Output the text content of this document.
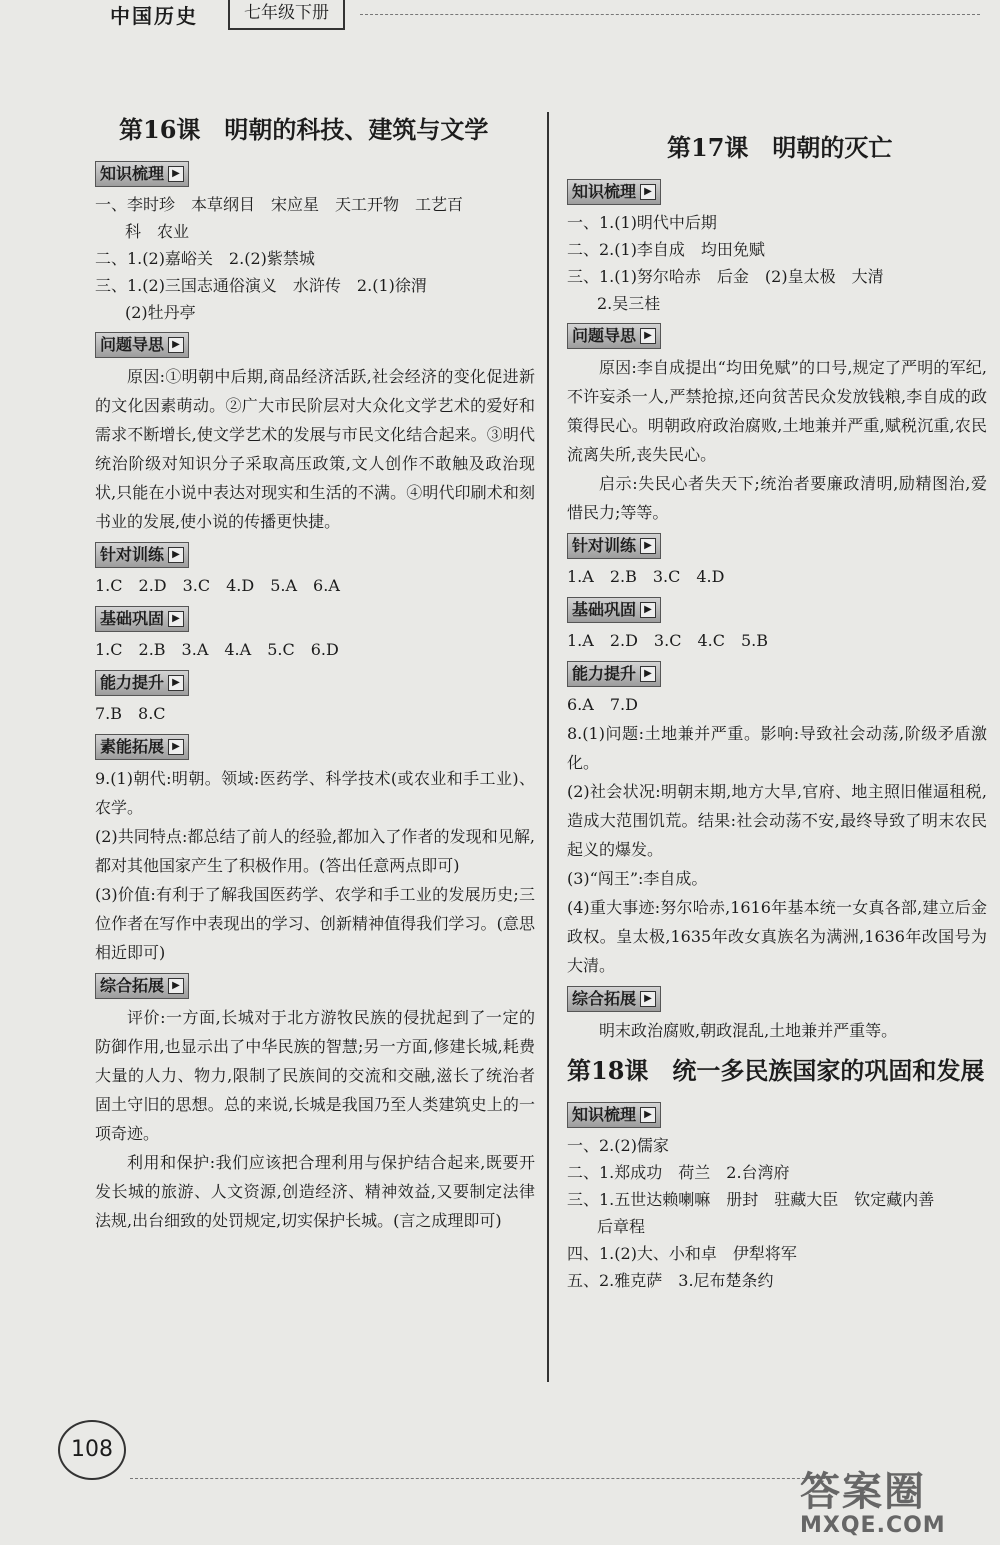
中国历史	七年级下册
第16课　明朝的科技、建筑与文学
知识梳理 ▶

一、李时珍　本草纲目　宋应星　天工开物　工艺百

科　农业

二、1.(2)嘉峪关　2.(2)紫禁城

三、1.(2)三国志通俗演义　水浒传　2.(1)徐渭

(2)牡丹亭

问题导思 ▶

原因:①明朝中后期,商品经济活跃,社会经济的变化促进新的文化因素萌动。②广大市民阶层对大众化文学艺术的爱好和需求不断增长,使文学艺术的发展与市民文化结合起来。③明代统治阶级对知识分子采取高压政策,文人创作不敢触及政治现状,只能在小说中表达对现实和生活的不满。④明代印刷术和刻书业的发展,使小说的传播更快捷。

针对训练 ▶

1.C 2.D 3.C 4.D 5.A 6.A

基础巩固 ▶

1.C 2.B 3.A 4.A 5.C 6.D

能力提升 ▶

7.B 8.C

素能拓展 ▶

9.(1)朝代:明朝。领域:医药学、科学技术(或农业和手工业)、农学。

(2)共同特点:都总结了前人的经验,都加入了作者的发现和见解,都对其他国家产生了积极作用。(答出任意两点即可)

(3)价值:有利于了解我国医药学、农学和手工业的发展历史;三位作者在写作中表现出的学习、创新精神值得我们学习。(意思相近即可)

综合拓展 ▶

评价:一方面,长城对于北方游牧民族的侵扰起到了一定的防御作用,也显示出了中华民族的智慧;另一方面,修建长城,耗费大量的人力、物力,限制了民族间的交流和交融,滋长了统治者固土守旧的思想。总的来说,长城是我国乃至人类建筑史上的一项奇迹。

利用和保护:我们应该把合理利用与保护结合起来,既要开发长城的旅游、人文资源,创造经济、精神效益,又要制定法律法规,出台细致的处罚规定,切实保护长城。(言之成理即可)

第17课　明朝的灭亡
知识梳理 ▶

一、1.(1)明代中后期

二、2.(1)李自成　均田免赋

三、1.(1)努尔哈赤　后金　(2)皇太极　大清

2.吴三桂

问题导思 ▶

原因:李自成提出“均田免赋”的口号,规定了严明的军纪,不许妄杀一人,严禁抢掠,还向贫苦民众发放钱粮,李自成的政策得民心。明朝政府政治腐败,土地兼并严重,赋税沉重,农民流离失所,丧失民心。

启示:失民心者失天下;统治者要廉政清明,励精图治,爱惜民力;等等。

针对训练 ▶

1.A 2.B 3.C 4.D

基础巩固 ▶

1.A 2.D 3.C 4.C 5.B

能力提升 ▶

6.A 7.D

8.(1)问题:土地兼并严重。影响:导致社会动荡,阶级矛盾激化。

(2)社会状况:明朝末期,地方大旱,官府、地主照旧催逼租税,造成大范围饥荒。结果:社会动荡不安,最终导致了明末农民起义的爆发。

(3)“闯王”:李自成。

(4)重大事迹:努尔哈赤,1616年基本统一女真各部,建立后金政权。皇太极,1635年改女真族名为满洲,1636年改国号为大清。

综合拓展 ▶

明末政治腐败,朝政混乱,土地兼并严重等。

第18课　统一多民族国家的巩固和发展
知识梳理 ▶

一、2.(2)儒家

二、1.郑成功　荷兰　2.台湾府

三、1.五世达赖喇嘛　册封　驻藏大臣　钦定藏内善

后章程

四、1.(2)大、小和卓　伊犁将军

五、2.雅克萨　3.尼布楚条约

108
答案圈
MXQE.COM
